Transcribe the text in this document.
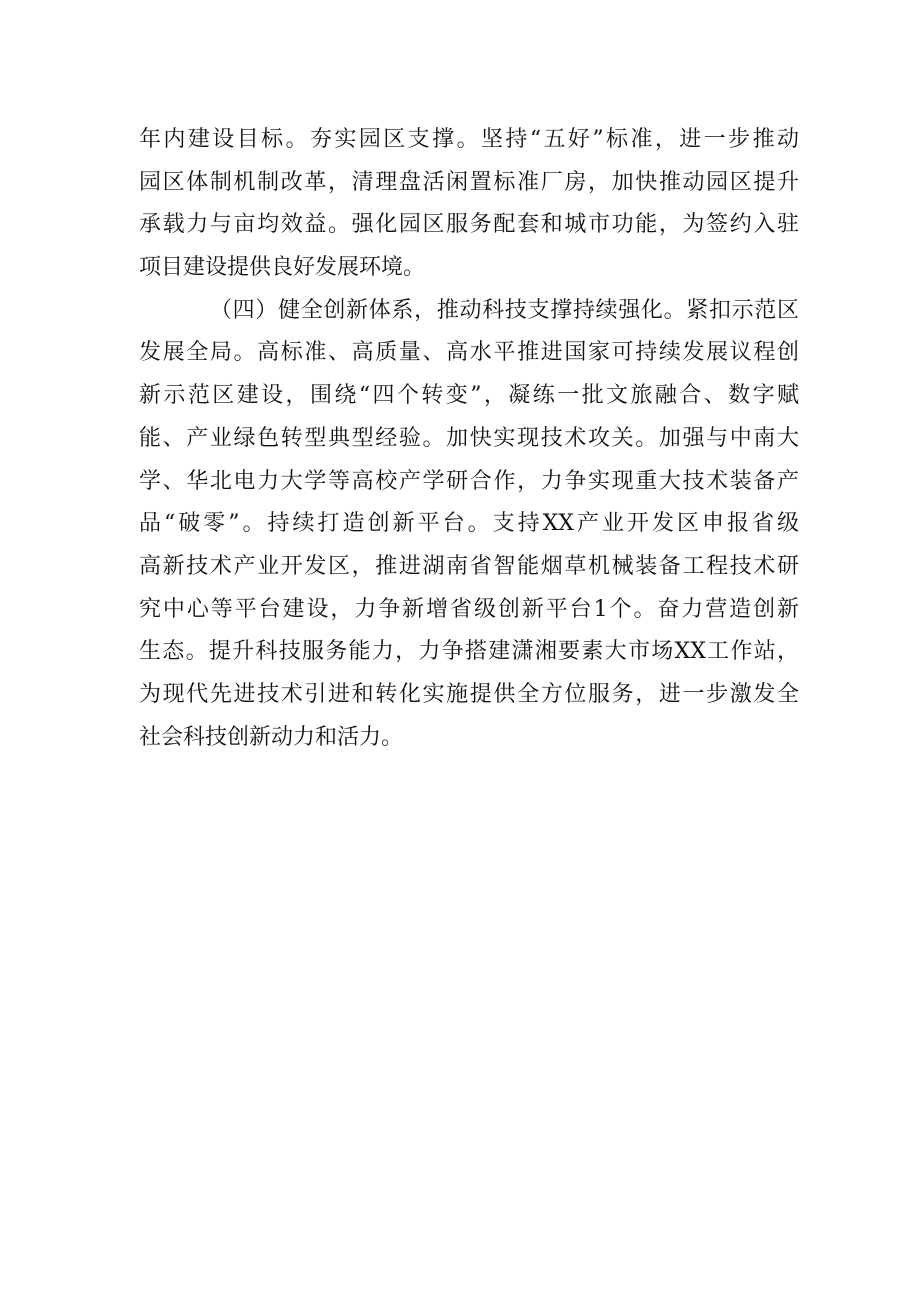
年内建设目标。夯实园区支撑。坚持“五好”标准，进一步推动
园区体制机制改革，清理盘活闲置标准厂房，加快推动园区提升
承载力与亩均效益。强化园区服务配套和城市功能，为签约入驻
项目建设提供良好发展环境。
（四）健全创新体系，推动科技支撑持续强化。紧扣示范区
发展全局。高标准、高质量、高水平推进国家可持续发展议程创
新示范区建设，围绕“四个转变”，凝练一批文旅融合、数字赋
能、产业绿色转型典型经验。加快实现技术攻关。加强与中南大
学、华北电力大学等高校产学研合作，力争实现重大技术装备产
品“破零”。持续打造创新平台。支持XX产业开发区申报省级
高新技术产业开发区，推进湖南省智能烟草机械装备工程技术研
究中心等平台建设，力争新增省级创新平台1个。奋力营造创新
生态。提升科技服务能力，力争搭建潇湘要素大市场XX工作站，
为现代先进技术引进和转化实施提供全方位服务，进一步激发全
社会科技创新动力和活力。
